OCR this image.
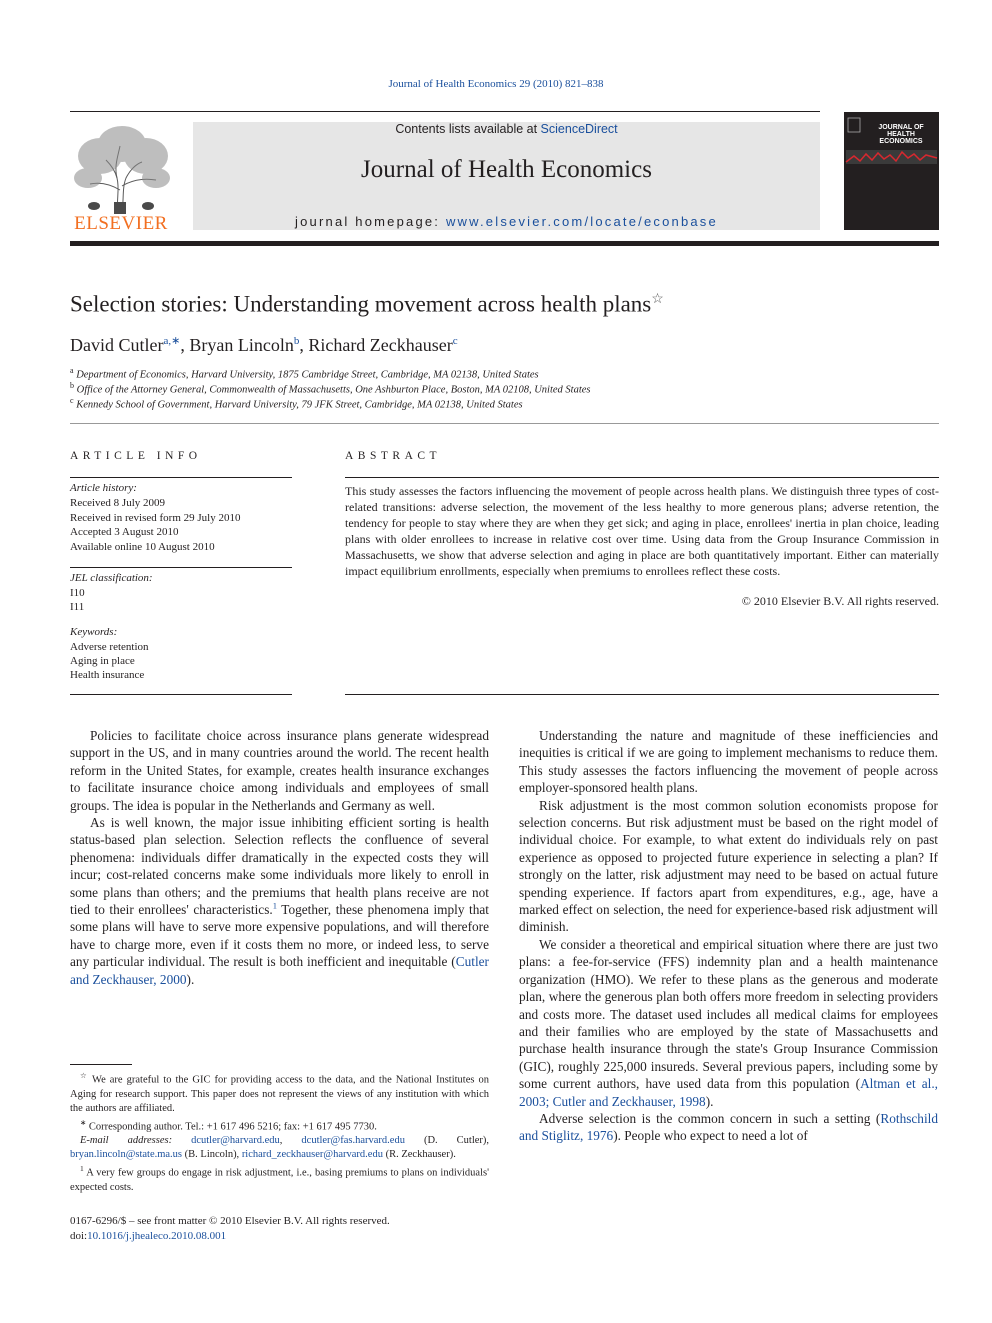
Journal of Health Economics 29 (2010) 821–838
ELSEVIER
Contents lists available at ScienceDirect
Journal of Health Economics
journal homepage: www.elsevier.com/locate/econbase
JOURNAL OF HEALTH ECONOMICS
Selection stories: Understanding movement across health plans☆
David Cutler$^{a,∗}$, Bryan Lincoln$^b$, Richard Zeckhauser$^c$
$^a$ Department of Economics, Harvard University, 1875 Cambridge Street, Cambridge, MA 02138, United States
$^b$ Office of the Attorney General, Commonwealth of Massachusetts, One Ashburton Place, Boston, MA 02108, United States
$^c$ Kennedy School of Government, Harvard University, 79 JFK Street, Cambridge, MA 02138, United States
ARTICLE INFO
Article history:
Received 8 July 2009
Received in revised form 29 July 2010
Accepted 3 August 2010
Available online 10 August 2010
JEL classification:
I10
I11
Keywords:
Adverse retention
Aging in place
Health insurance
ABSTRACT
This study assesses the factors influencing the movement of people across health plans. We distinguish three types of cost-related transitions: adverse selection, the movement of the less healthy to more generous plans; adverse retention, the tendency for people to stay where they are when they get sick; and aging in place, enrollees' inertia in plan choice, leading plans with older enrollees to increase in relative cost over time. Using data from the Group Insurance Commission in Massachusetts, we show that adverse selection and aging in place are both quantitatively important. Either can materially impact equilibrium enrollments, especially when premiums to enrollees reflect these costs.
© 2010 Elsevier B.V. All rights reserved.

Policies to facilitate choice across insurance plans generate widespread support in the US, and in many countries around the world. The recent health reform in the United States, for example, creates health insurance exchanges to facilitate insurance choice among individuals and employees of small groups. The idea is popular in the Netherlands and Germany as well.

As is well known, the major issue inhibiting efficient sorting is health status-based plan selection. Selection reflects the confluence of several phenomena: individuals differ dramatically in the expected costs they will incur; cost-related concerns make some individuals more likely to enroll in some plans than others; and the premiums that health plans receive are not tied to their enrollees' characteristics.$^1$ Together, these phenomena imply that some plans will have to serve more expensive populations, and will therefore have to charge more, even if it costs them no more, or indeed less, to serve any particular individual. The result is both inefficient and inequitable (Cutler and Zeckhauser, 2000).

Understanding the nature and magnitude of these inefficiencies and inequities is critical if we are going to implement mechanisms to reduce them. This study assesses the factors influencing the movement of people across employer-sponsored health plans.

Risk adjustment is the most common solution economists propose for selection concerns. But risk adjustment must be based on the right model of individual choice. For example, to what extent do individuals rely on past experience as opposed to projected future experience in selecting a plan? If strongly on the latter, risk adjustment may need to be based on actual future spending experience. If factors apart from expenditures, e.g., age, have a marked effect on selection, the need for experience-based risk adjustment will diminish.

We consider a theoretical and empirical situation where there are just two plans: a fee-for-service (FFS) indemnity plan and a health maintenance organization (HMO). We refer to these plans as the generous and moderate plan, where the generous plan both offers more freedom in selecting providers and costs more. The dataset used includes all medical claims for employees and their families who are employed by the state of Massachusetts and purchase health insurance through the state's Group Insurance Commission (GIC), roughly 225,000 insureds. Several previous papers, including some by some current authors, have used data from this population (Altman et al., 2003; Cutler and Zeckhauser, 1998).

Adverse selection is the common concern in such a setting (Rothschild and Stiglitz, 1976). People who expect to need a lot of

☆ We are grateful to the GIC for providing access to the data, and the National Institutes on Aging for research support. This paper does not represent the views of any institution with which the authors are affiliated.

∗ Corresponding author. Tel.: +1 617 496 5216; fax: +1 617 495 7730.

E-mail addresses: dcutler@harvard.edu, dcutler@fas.harvard.edu (D. Cutler), bryan.lincoln@state.ma.us (B. Lincoln), richard_zeckhauser@harvard.edu (R. Zeckhauser).

$^1$ A very few groups do engage in risk adjustment, i.e., basing premiums to plans on individuals' expected costs.

0167-6296/$ – see front matter © 2010 Elsevier B.V. All rights reserved.
doi:10.1016/j.jhealeco.2010.08.001
